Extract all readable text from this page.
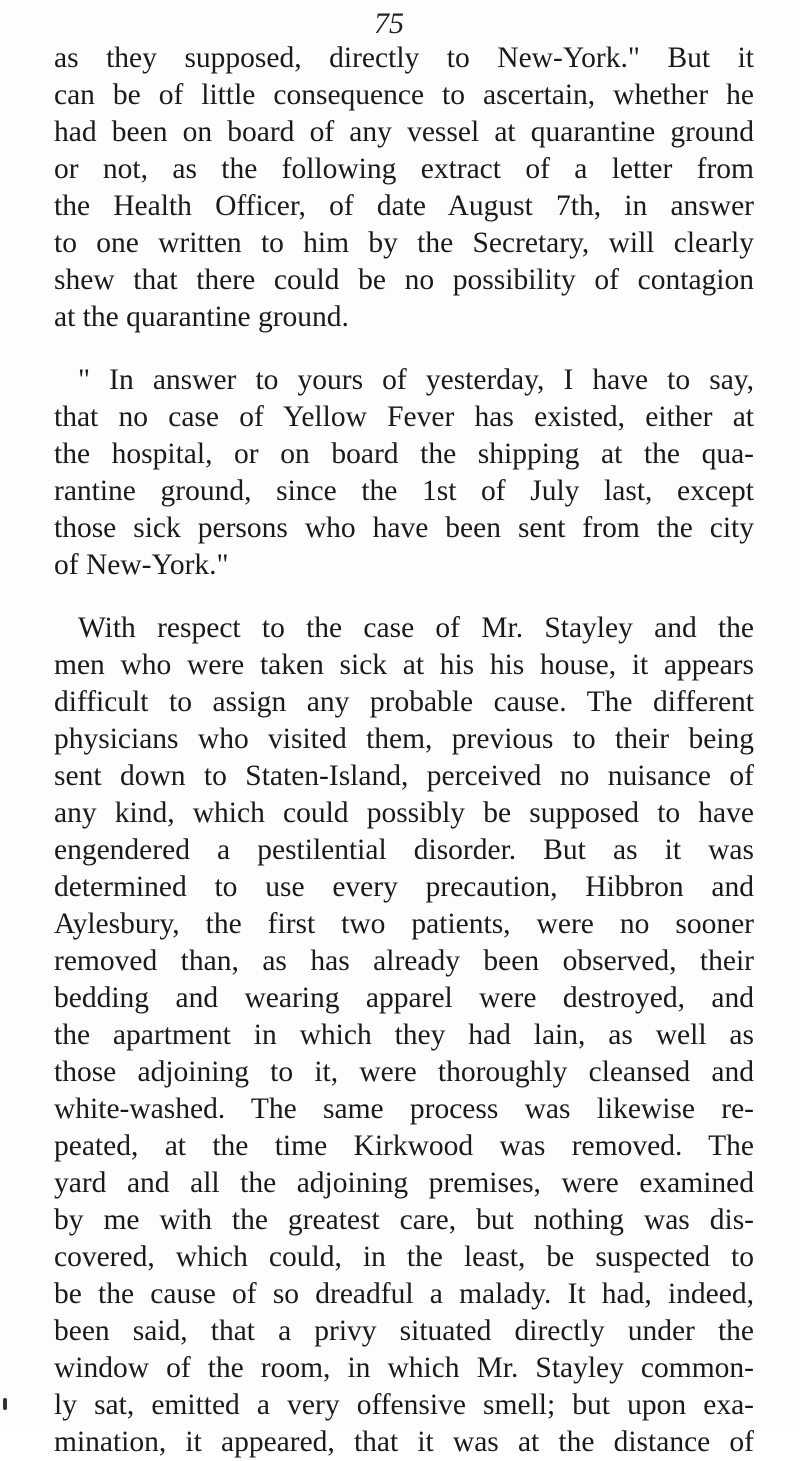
75
as they supposed, directly to New-York." But it
can be of little consequence to ascertain, whether he
had been on board of any vessel at quarantine ground
or not, as the following extract of a letter from
the Health Officer, of date August 7th, in answer
to one written to him by the Secretary, will clearly
shew that there could be no possibility of contagion
at the quarantine ground.
" In answer to yours of yesterday, I have to say,
that no case of Yellow Fever has existed, either at
the hospital, or on board the shipping at the qua-
rantine ground, since the 1st of July last, except
those sick persons who have been sent from the city
of New-York."
With respect to the case of Mr. Stayley and the
men who were taken sick at his his house, it appears
difficult to assign any probable cause. The different
physicians who visited them, previous to their being
sent down to Staten-Island, perceived no nuisance of
any kind, which could possibly be supposed to have
engendered a pestilential disorder. But as it was
determined to use every precaution, Hibbron and
Aylesbury, the first two patients, were no sooner
removed than, as has already been observed, their
bedding and wearing apparel were destroyed, and
the apartment in which they had lain, as well as
those adjoining to it, were thoroughly cleansed and
white-washed. The same process was likewise re-
peated, at the time Kirkwood was removed. The
yard and all the adjoining premises, were examined
by me with the greatest care, but nothing was dis-
covered, which could, in the least, be suspected to
be the cause of so dreadful a malady. It had, indeed,
been said, that a privy situated directly under the
window of the room, in which Mr. Stayley common-
ly sat, emitted a very offensive smell; but upon exa-
mination, it appeared, that it was at the distance of
